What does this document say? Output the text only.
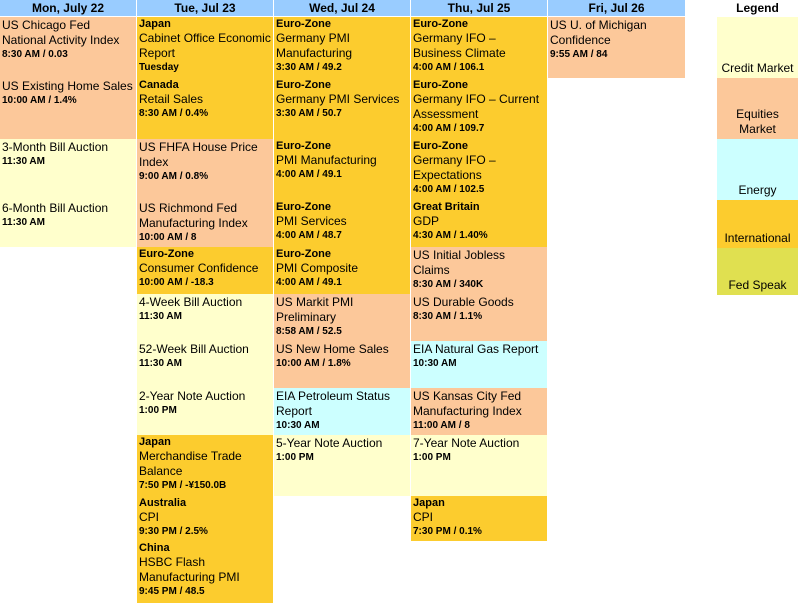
Mon, July 22	Tue, Jul 23	Wed, Jul 24	Thu, Jul 25	Fri, Jul 26
US Chicago Fed National Activity Index
8:30 AM / 0.03
US Existing Home Sales
10:00 AM / 1.4%
3-Month Bill Auction
11:30 AM
6-Month Bill Auction
11:30 AM
Japan
Cabinet Office Economic Report
Tuesday
Canada
Retail Sales
8:30 AM / 0.4%
US FHFA House Price Index
9:00 AM / 0.8%
US Richmond Fed Manufacturing Index
10:00 AM / 8
Euro-Zone
Consumer Confidence
10:00 AM / -18.3
4-Week Bill Auction
11:30 AM
52-Week Bill Auction
11:30 AM
2-Year Note Auction
1:00 PM
Japan
Merchandise Trade Balance
7:50 PM / -¥150.0B
Australia
CPI
9:30 PM / 2.5%
China
HSBC Flash Manufacturing PMI
9:45 PM / 48.5
Euro-Zone
Germany PMI Manufacturing
3:30 AM / 49.2
Euro-Zone
Germany PMI Services
3:30 AM / 50.7
Euro-Zone
PMI Manufacturing
4:00 AM / 49.1
Euro-Zone
PMI Services
4:00 AM / 48.7
Euro-Zone
PMI Composite
4:00 AM / 49.1
US Markit PMI Preliminary
8:58 AM / 52.5
US New Home Sales
10:00 AM / 1.8%
EIA Petroleum Status Report
10:30 AM
5-Year Note Auction
1:00 PM
Euro-Zone
Germany IFO – Business Climate
4:00 AM / 106.1
Euro-Zone
Germany IFO – Current Assessment
4:00 AM / 109.7
Euro-Zone
Germany IFO – Expectations
4:00 AM / 102.5
Great Britain
GDP
4:30 AM / 1.40%
US Initial Jobless Claims
8:30 AM / 340K
US Durable Goods
8:30 AM / 1.1%
EIA Natural Gas Report
10:30 AM
US Kansas City Fed Manufacturing Index
11:00 AM / 8
7-Year Note Auction
1:00 PM
Japan
CPI
7:30 PM / 0.1%
US U. of Michigan Confidence
9:55 AM / 84
Legend
Credit Market
Equities Market
Energy
International
Fed Speak
